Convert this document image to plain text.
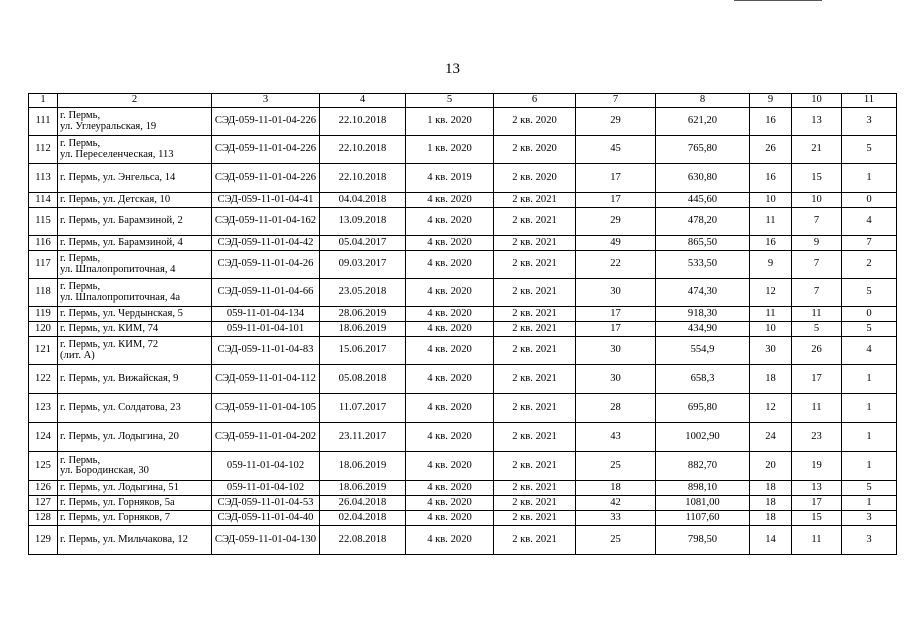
13
1	2	3	4	5	6	7	8	9	10	11
111	г. Пермь,
ул. Углеуральская, 19	СЭД-059-11-01-04-226	22.10.2018	1 кв. 2020	2 кв. 2020	29	621,20	16	13	3
112	г. Пермь,
ул. Переселенческая, 113	СЭД-059-11-01-04-226	22.10.2018	1 кв. 2020	2 кв. 2020	45	765,80	26	21	5
113	г. Пермь, ул. Энгельса, 14	СЭД-059-11-01-04-226	22.10.2018	4 кв. 2019	2 кв. 2020	17	630,80	16	15	1
114	г. Пермь, ул. Детская, 10	СЭД-059-11-01-04-41	04.04.2018	4 кв. 2020	2 кв. 2021	17	445,60	10	10	0
115	г. Пермь, ул. Барамзиной, 2	СЭД-059-11-01-04-162	13.09.2018	4 кв. 2020	2 кв. 2021	29	478,20	11	7	4
116	г. Пермь, ул. Барамзиной, 4	СЭД-059-11-01-04-42	05.04.2017	4 кв. 2020	2 кв. 2021	49	865,50	16	9	7
117	г. Пермь,
ул. Шпалопропиточная, 4	СЭД-059-11-01-04-26	09.03.2017	4 кв. 2020	2 кв. 2021	22	533,50	9	7	2
118	г. Пермь,
ул. Шпалопропиточная, 4а	СЭД-059-11-01-04-66	23.05.2018	4 кв. 2020	2 кв. 2021	30	474,30	12	7	5
119	г. Пермь, ул. Чердынская, 5	059-11-01-04-134	28.06.2019	4 кв. 2020	2 кв. 2021	17	918,30	11	11	0
120	г. Пермь, ул. КИМ, 74	059-11-01-04-101	18.06.2019	4 кв. 2020	2 кв. 2021	17	434,90	10	5	5
121	г. Пермь, ул. КИМ, 72
(лит. А)	СЭД-059-11-01-04-83	15.06.2017	4 кв. 2020	2 кв. 2021	30	554,9	30	26	4
122	г. Пермь, ул. Вижайская, 9	СЭД-059-11-01-04-112	05.08.2018	4 кв. 2020	2 кв. 2021	30	658,3	18	17	1
123	г. Пермь, ул. Солдатова, 23	СЭД-059-11-01-04-105	11.07.2017	4 кв. 2020	2 кв. 2021	28	695,80	12	11	1
124	г. Пермь, ул. Лодыгина, 20	СЭД-059-11-01-04-202	23.11.2017	4 кв. 2020	2 кв. 2021	43	1002,90	24	23	1
125	г. Пермь,
ул. Бородинская, 30	059-11-01-04-102	18.06.2019	4 кв. 2020	2 кв. 2021	25	882,70	20	19	1
126	г. Пермь, ул. Лодыгина, 51	059-11-01-04-102	18.06.2019	4 кв. 2020	2 кв. 2021	18	898,10	18	13	5
127	г. Пермь, ул. Горняков, 5а	СЭД-059-11-01-04-53	26.04.2018	4 кв. 2020	2 кв. 2021	42	1081,00	18	17	1
128	г. Пермь, ул. Горняков, 7	СЭД-059-11-01-04-40	02.04.2018	4 кв. 2020	2 кв. 2021	33	1107,60	18	15	3
129	г. Пермь, ул. Мильчакова, 12	СЭД-059-11-01-04-130	22.08.2018	4 кв. 2020	2 кв. 2021	25	798,50	14	11	3
